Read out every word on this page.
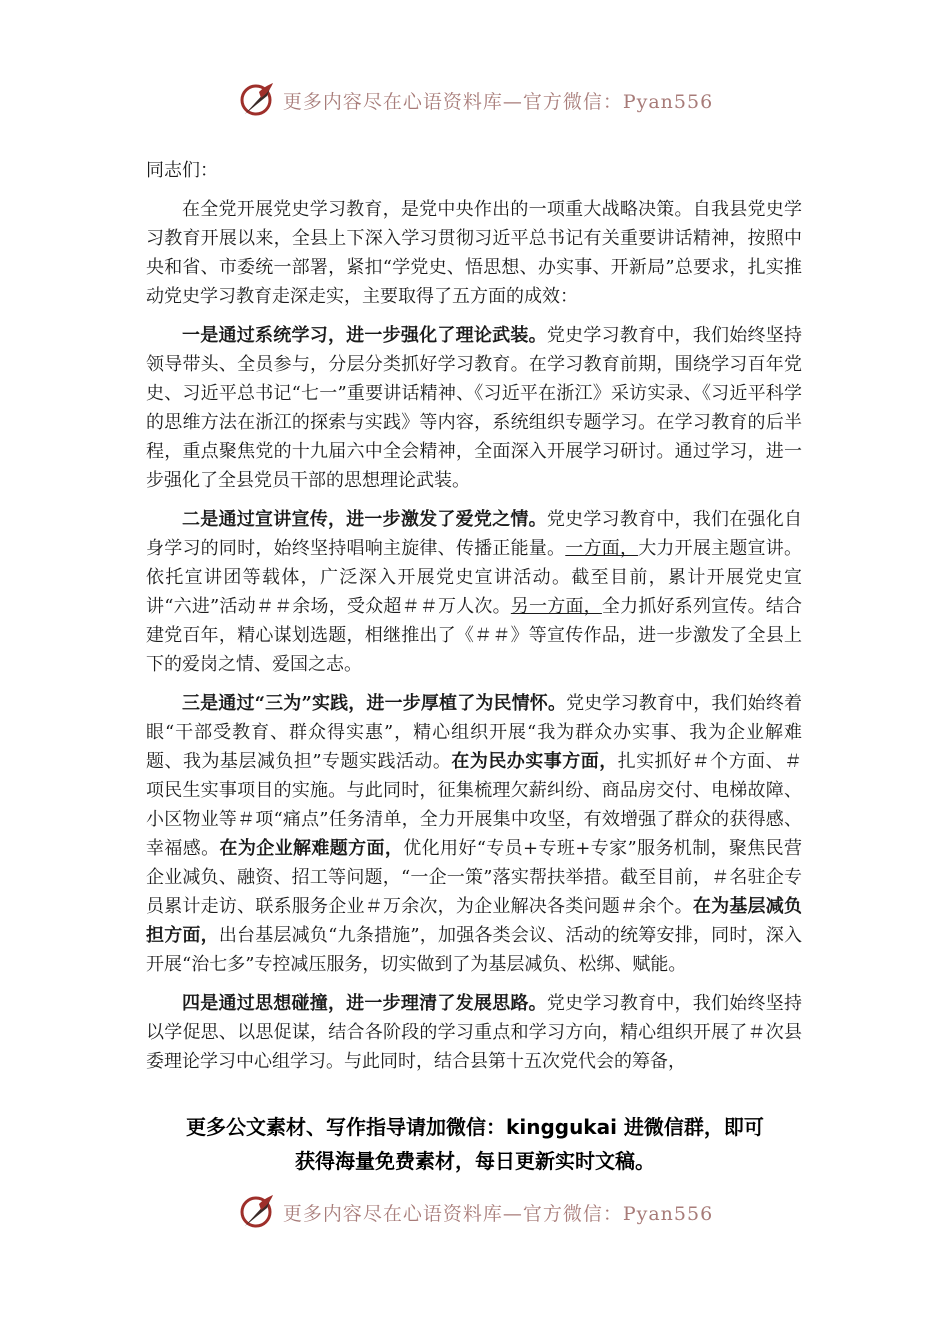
更多内容尽在心语资料库—官方微信：Pyan556

同志们：

在全党开展党史学习教育，是党中央作出的一项重大战略决策。自我县党史学习教育开展以来，全县上下深入学习贯彻习近平总书记有关重要讲话精神，按照中央和省、市委统一部署，紧扣“学党史、悟思想、办实事、开新局”总要求，扎实推动党史学习教育走深走实，主要取得了五方面的成效：

一是通过系统学习，进一步强化了理论武装。党史学习教育中，我们始终坚持领导带头、全员参与，分层分类抓好学习教育。在学习教育前期，围绕学习百年党史、习近平总书记“七一”重要讲话精神、《习近平在浙江》采访实录、《习近平科学的思维方法在浙江的探索与实践》等内容，系统组织专题学习。在学习教育的后半程，重点聚焦党的十九届六中全会精神，全面深入开展学习研讨。通过学习，进一步强化了全县党员干部的思想理论武装。

二是通过宣讲宣传，进一步激发了爱党之情。党史学习教育中，我们在强化自身学习的同时，始终坚持唱响主旋律、传播正能量。一方面，大力开展主题宣讲。依托宣讲团等载体，广泛深入开展党史宣讲活动。截至目前，累计开展党史宣讲“六进”活动＃＃余场，受众超＃＃万人次。另一方面，全力抓好系列宣传。结合建党百年，精心谋划选题，相继推出了《＃＃》等宣传作品，进一步激发了全县上下的爱岗之情、爱国之志。

三是通过“三为”实践，进一步厚植了为民情怀。党史学习教育中，我们始终着眼“干部受教育、群众得实惠”，精心组织开展“我为群众办实事、我为企业解难题、我为基层减负担”专题实践活动。在为民办实事方面，扎实抓好＃个方面、＃项民生实事项目的实施。与此同时，征集梳理欠薪纠纷、商品房交付、电梯故障、小区物业等＃项“痛点”任务清单，全力开展集中攻坚，有效增强了群众的获得感、幸福感。在为企业解难题方面，优化用好“专员+专班+专家”服务机制，聚焦民营企业减负、融资、招工等问题，“一企一策”落实帮扶举措。截至目前，＃名驻企专员累计走访、联系服务企业＃万余次，为企业解决各类问题＃余个。在为基层减负担方面，出台基层减负“九条措施”，加强各类会议、活动的统筹安排，同时，深入开展“治七多”专控减压服务，切实做到了为基层减负、松绑、赋能。

四是通过思想碰撞，进一步理清了发展思路。党史学习教育中，我们始终坚持以学促思、以思促谋，结合各阶段的学习重点和学习方向，精心组织开展了＃次县委理论学习中心组学习。与此同时，结合县第十五次党代会的筹备，

更多公文素材、写作指导请加微信：kinggukai 进微信群，即可
获得海量免费素材，每日更新实时文稿。
更多内容尽在心语资料库—官方微信：Pyan556
